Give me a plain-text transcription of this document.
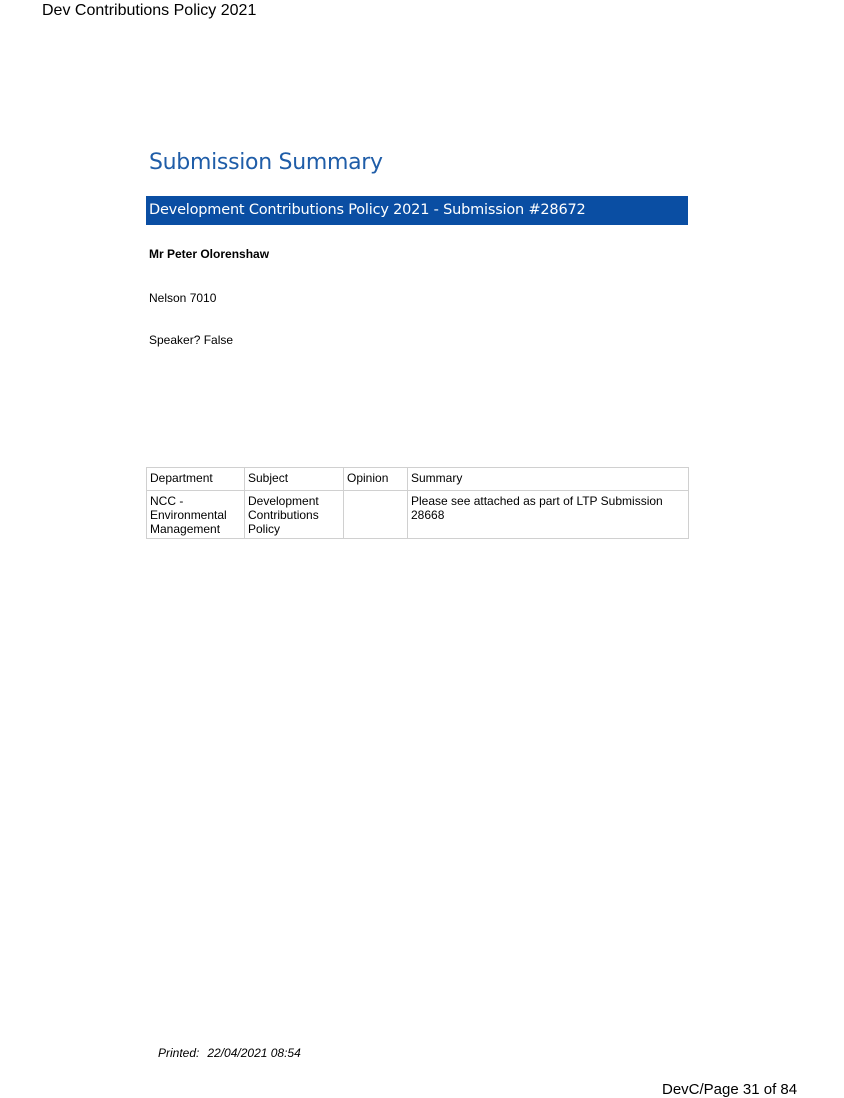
Dev Contributions Policy 2021
Submission Summary
Development Contributions Policy 2021 - Submission #28672
Mr Peter Olorenshaw
Nelson 7010
Speaker? False
Department	Subject	Opinion	Summary
NCC - Environmental Management	Development Contributions Policy		Please see attached as part of LTP Submission 28668
Printed: 22/04/2021 08:54
DevC/Page 31 of 84
